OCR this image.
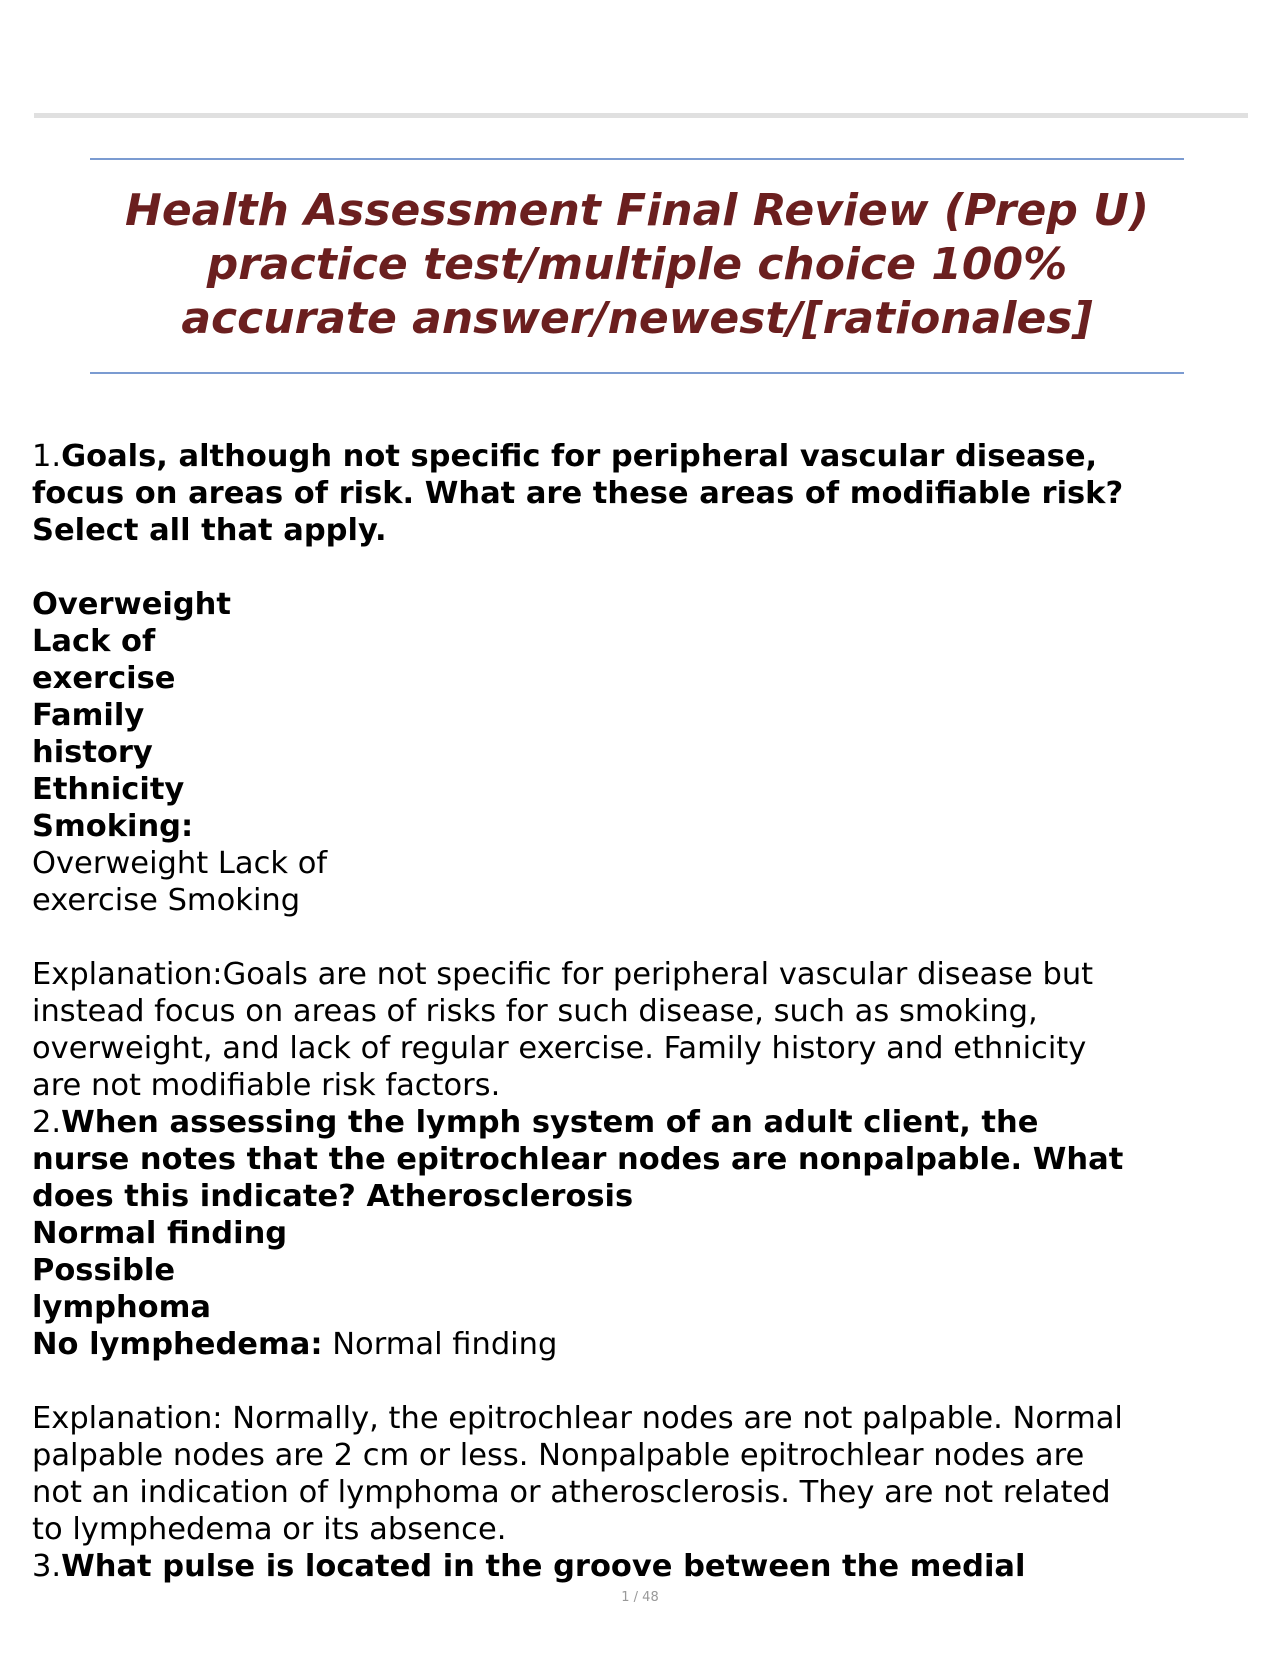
Health Assessment Final Review (Prep U)
practice test/multiple choice 100%
accurate answer/newest/[rationales]

1.Goals, although not specific for peripheral vascular disease,

focus on areas of risk. What are these areas of modifiable risk?

Select all that apply.

Overweight

Lack of

exercise

Family

history

Ethnicity

Smoking:

Overweight Lack of

exercise Smoking

Explanation:Goals are not specific for peripheral vascular disease but

instead focus on areas of risks for such disease, such as smoking,

overweight, and lack of regular exercise. Family history and ethnicity

are not modifiable risk factors.

2.When assessing the lymph system of an adult client, the

nurse notes that the epitrochlear nodes are nonpalpable. What

does this indicate? Atherosclerosis

Normal finding

Possible

lymphoma

No lymphedema: Normal finding

Explanation: Normally, the epitrochlear nodes are not palpable. Normal

palpable nodes are 2 cm or less. Nonpalpable epitrochlear nodes are

not an indication of lymphoma or atherosclerosis. They are not related

to lymphedema or its absence.

3.What pulse is located in the groove between the medial

1 / 48
